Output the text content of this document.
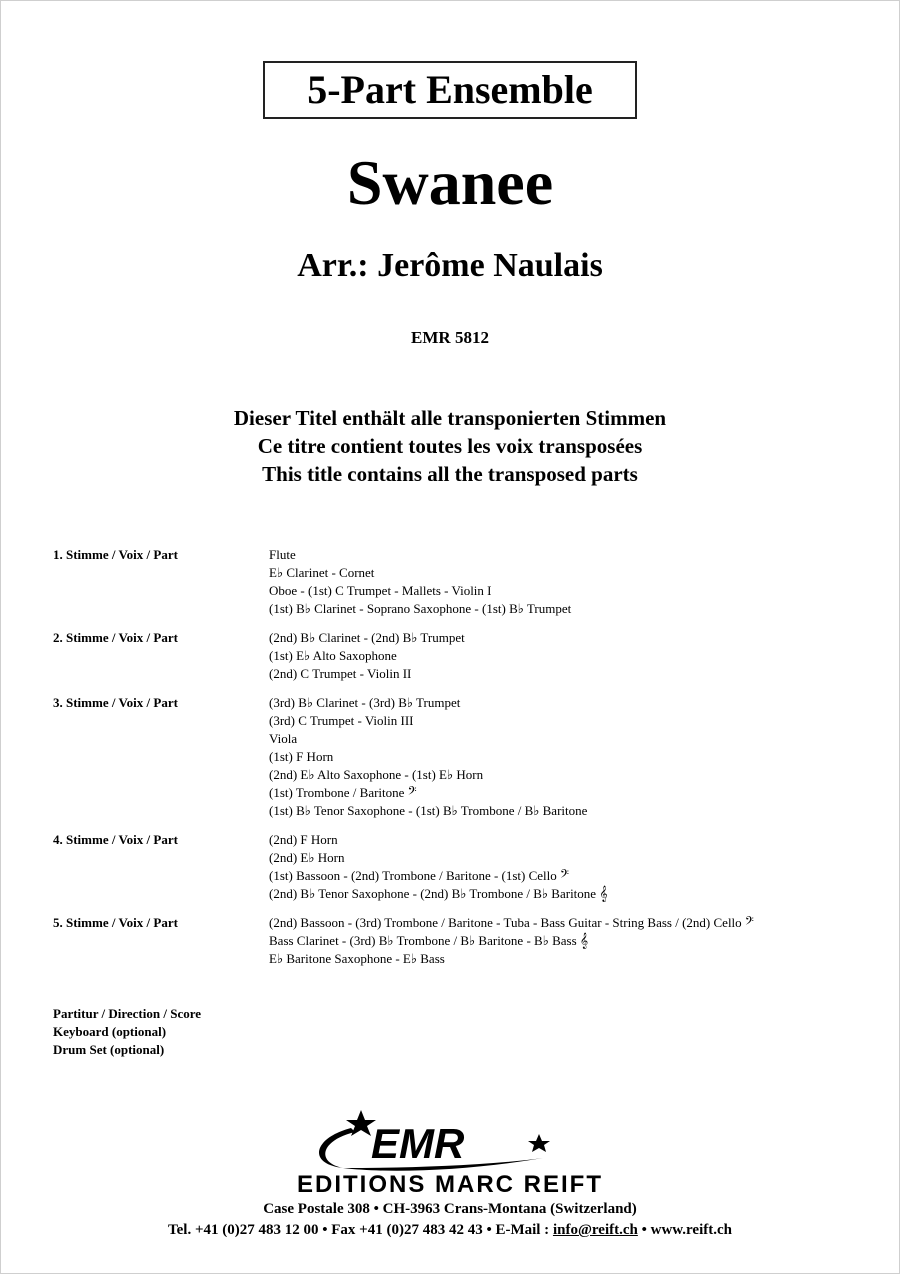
5-Part Ensemble
Swanee
Arr.: Jerôme Naulais
EMR 5812
Dieser Titel enthält alle transponierten Stimmen
Ce titre contient toutes les voix transposées
This title contains all the transposed parts
1. Stimme / Voix / Part	Flute
E♭ Clarinet - Cornet
Oboe - (1st) C Trumpet - Mallets - Violin I
(1st) B♭ Clarinet - Soprano Saxophone - (1st) B♭ Trumpet
2. Stimme / Voix / Part	(2nd) B♭ Clarinet - (2nd) B♭ Trumpet
(1st) E♭ Alto Saxophone
(2nd) C Trumpet - Violin II
3. Stimme / Voix / Part	(3rd) B♭ Clarinet - (3rd) B♭ Trumpet
(3rd) C Trumpet - Violin III
Viola
(1st) F Horn
(2nd) E♭ Alto Saxophone - (1st) E♭ Horn
(1st) Trombone / Baritone 𝄢
(1st) B♭ Tenor Saxophone - (1st) B♭ Trombone / B♭ Baritone
4. Stimme / Voix / Part	(2nd) F Horn
(2nd) E♭ Horn
(1st) Bassoon - (2nd) Trombone / Baritone - (1st) Cello 𝄢
(2nd) B♭ Tenor Saxophone - (2nd) B♭ Trombone / B♭ Baritone 𝄞
5. Stimme / Voix / Part	(2nd) Bassoon - (3rd) Trombone / Baritone - Tuba - Bass Guitar - String Bass / (2nd) Cello 𝄢
Bass Clarinet - (3rd) B♭ Trombone / B♭ Baritone - B♭ Bass 𝄞
E♭ Baritone Saxophone - E♭ Bass
Partitur / Direction / Score
Keyboard (optional)
Drum Set (optional)
EMR
EDITIONS MARC REIFT
Case Postale 308 • CH-3963 Crans-Montana (Switzerland)
Tel. +41 (0)27 483 12 00 • Fax +41 (0)27 483 42 43 • E-Mail : info@reift.ch • www.reift.ch
